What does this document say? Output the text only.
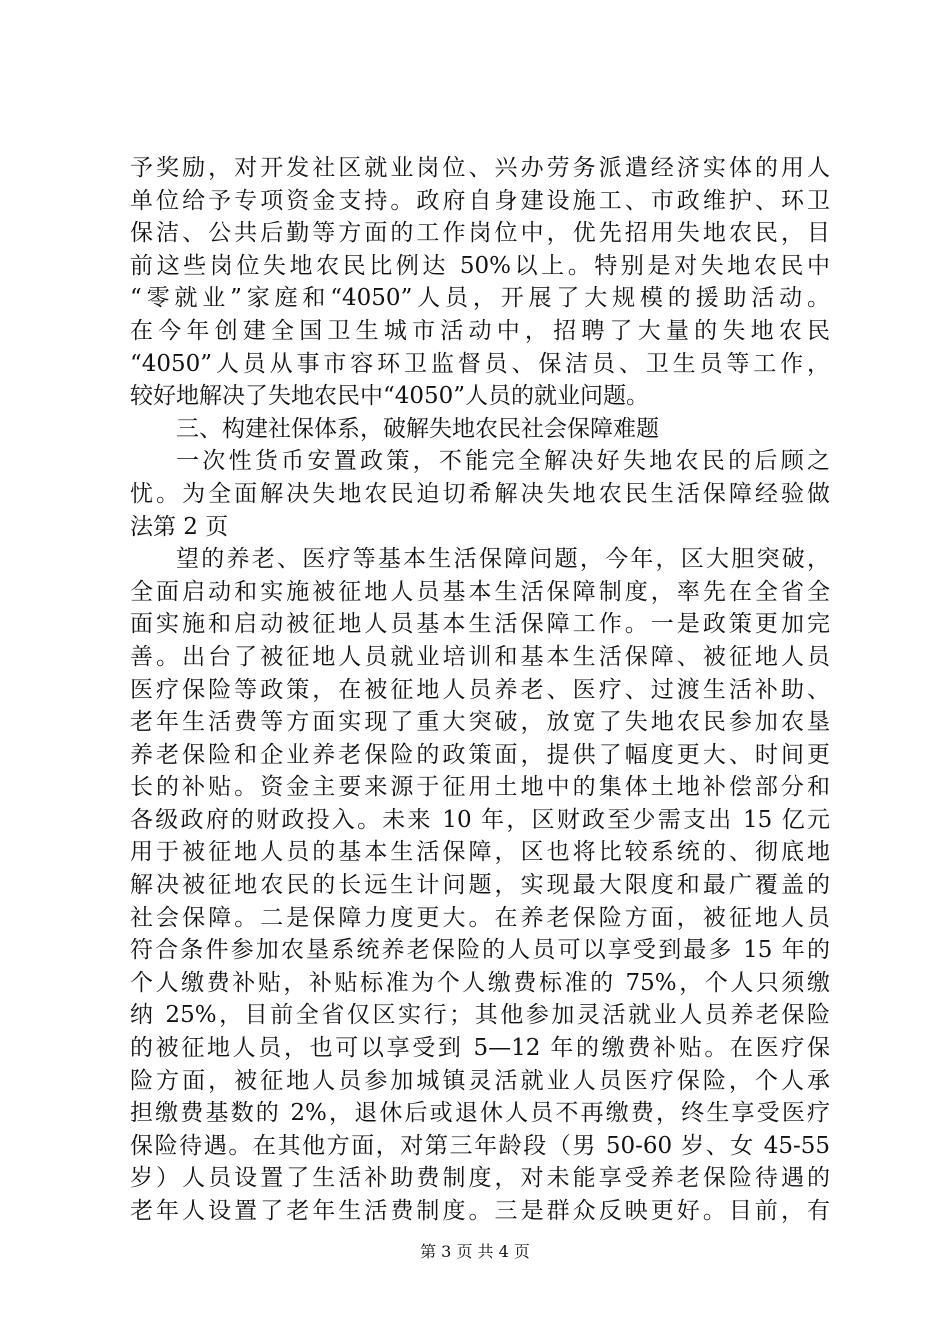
予奖励，对开发社区就业岗位、兴办劳务派遣经济实体的用人
单位给予专项资金支持。政府自身建设施工、市政维护、环卫
保洁、公共后勤等方面的工作岗位中，优先招用失地农民，目
前这些岗位失地农民比例达 50%以上。特别是对失地农民中
“零就业”家庭和“4050”人员，开展了大规模的援助活动。
在今年创建全国卫生城市活动中，招聘了大量的失地农民
“4050”人员从事市容环卫监督员、保洁员、卫生员等工作，
较好地解决了失地农民中“4050”人员的就业问题。
三、构建社保体系，破解失地农民社会保障难题
一次性货币安置政策，不能完全解决好失地农民的后顾之
忧。为全面解决失地农民迫切希解决失地农民生活保障经验做
法第 2 页
望的养老、医疗等基本生活保障问题，今年，区大胆突破，
全面启动和实施被征地人员基本生活保障制度，率先在全省全
面实施和启动被征地人员基本生活保障工作。一是政策更加完
善。出台了被征地人员就业培训和基本生活保障、被征地人员
医疗保险等政策，在被征地人员养老、医疗、过渡生活补助、
老年生活费等方面实现了重大突破，放宽了失地农民参加农垦
养老保险和企业养老保险的政策面，提供了幅度更大、时间更
长的补贴。资金主要来源于征用土地中的集体土地补偿部分和
各级政府的财政投入。未来 10 年，区财政至少需支出 15 亿元
用于被征地人员的基本生活保障，区也将比较系统的、彻底地
解决被征地农民的长远生计问题，实现最大限度和最广覆盖的
社会保障。二是保障力度更大。在养老保险方面，被征地人员
符合条件参加农垦系统养老保险的人员可以享受到最多 15 年的
个人缴费补贴，补贴标准为个人缴费标准的 75%，个人只须缴
纳 25%，目前全省仅区实行；其他参加灵活就业人员养老保险
的被征地人员，也可以享受到 5—12 年的缴费补贴。在医疗保
险方面，被征地人员参加城镇灵活就业人员医疗保险，个人承
担缴费基数的 2%，退休后或退休人员不再缴费，终生享受医疗
保险待遇。在其他方面，对第三年龄段（男 50-60 岁、女 45-55
岁）人员设置了生活补助费制度，对未能享受养老保险待遇的
老年人设置了老年生活费制度。三是群众反映更好。目前，有
第 3 页 共 4 页
